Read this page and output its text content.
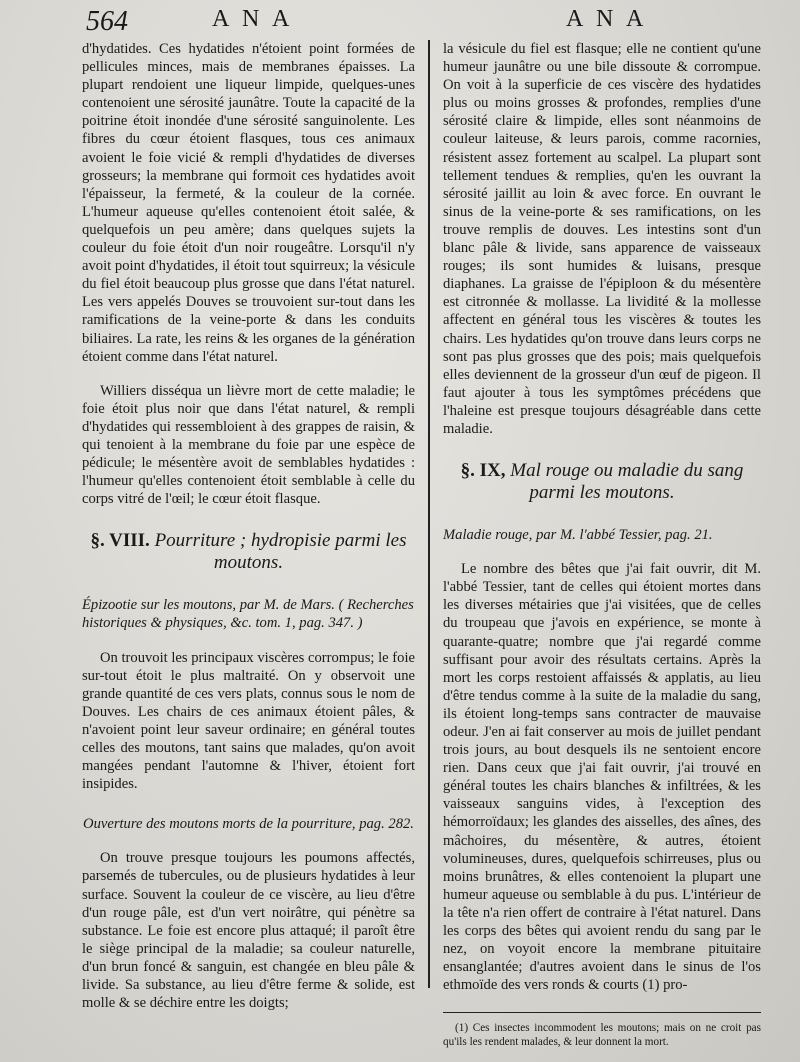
564	A N A	A N A

d'hydatides. Ces hydatides n'étoient point formées de pellicules minces, mais de membranes épaisses. La plupart rendoient une liqueur limpide, quelques-unes contenoient une sérosité jaunâtre. Toute la capacité de la poitrine étoit inondée d'une sérosité sanguinolente. Les fibres du cœur étoient flasques, tous ces animaux avoient le foie vicié & rempli d'hydatides de diverses grosseurs; la membrane qui formoit ces hydatides avoit l'épaisseur, la fermeté, & la couleur de la cornée. L'humeur aqueuse qu'elles contenoient étoit salée, & quelquefois un peu amère; dans quelques sujets la couleur du foie étoit d'un noir rougeâtre. Lorsqu'il n'y avoit point d'hydatides, il étoit tout squirreux; la vésicule du fiel étoit beaucoup plus grosse que dans l'état naturel. Les vers appelés Douves se trouvoient sur-tout dans les ramifications de la veine-porte & dans les conduits biliaires. La rate, les reins & les organes de la génération étoient comme dans l'état naturel.

Williers disséqua un lièvre mort de cette maladie; le foie étoit plus noir que dans l'état naturel, & rempli d'hydatides qui ressembloient à des grappes de raisin, & qui tenoient à la membrane du foie par une espèce de pédicule; le mésentère avoit de semblables hydatides : l'humeur qu'elles contenoient étoit semblable à celle du corps vitré de l'œil; le cœur étoit flasque.

§. VIII. Pourriture ; hydropisie parmi les moutons.

Épizootie sur les moutons, par M. de Mars. ( Recherches historiques & physiques, &c. tom. 1, pag. 347. )

On trouvoit les principaux viscères corrompus; le foie sur-tout étoit le plus maltraité. On y observoit une grande quantité de ces vers plats, connus sous le nom de Douves. Les chairs de ces animaux étoient pâles, & n'avoient point leur saveur ordinaire; en général toutes celles des moutons, tant sains que malades, qu'on avoit mangées pendant l'automne & l'hiver, étoient fort insipides.

Ouverture des moutons morts de la pourriture, pag. 282.

On trouve presque toujours les poumons affectés, parsemés de tubercules, ou de plusieurs hydatides à leur surface. Souvent la couleur de ce viscère, au lieu d'être d'un rouge pâle, est d'un vert noirâtre, qui pénètre sa substance. Le foie est encore plus attaqué; il paroît être le siège principal de la maladie; sa couleur naturelle, d'un brun foncé & sanguin, est changée en bleu pâle & livide. Sa substance, au lieu d'être ferme & solide, est molle & se déchire entre les doigts;

la vésicule du fiel est flasque; elle ne contient qu'une humeur jaunâtre ou une bile dissoute & corrompue. On voit à la superficie de ces viscère des hydatides plus ou moins grosses & profondes, remplies d'une sérosité claire & limpide, elles sont néanmoins de couleur laiteuse, & leurs parois, comme racornies, résistent assez fortement au scalpel. La plupart sont tellement tendues & remplies, qu'en les ouvrant la sérosité jaillit au loin & avec force. En ouvrant le sinus de la veine-porte & ses ramifications, on les trouve remplis de douves. Les intestins sont d'un blanc pâle & livide, sans apparence de vaisseaux rouges; ils sont humides & luisans, presque diaphanes. La graisse de l'épiploon & du mésentère est citronnée & mollasse. La lividité & la mollesse affectent en général tous les viscères & toutes les chairs. Les hydatides qu'on trouve dans leurs corps ne sont pas plus grosses que des pois; mais quelquefois elles deviennent de la grosseur d'un œuf de pigeon. Il faut ajouter à tous les symptômes précédens que l'haleine est presque toujours désagréable dans cette maladie.

§. IX, Mal rouge ou maladie du sang parmi les moutons.

Maladie rouge, par M. l'abbé Tessier, pag. 21.

Le nombre des bêtes que j'ai fait ouvrir, dit M. l'abbé Tessier, tant de celles qui étoient mortes dans les diverses métairies que j'ai visitées, que de celles du troupeau que j'avois en expérience, se monte à quarante-quatre; nombre que j'ai regardé comme suffisant pour avoir des résultats certains. Après la mort les corps restoient affaissés & applatis, au lieu d'être tendus comme à la suite de la maladie du sang, ils étoient long-temps sans contracter de mauvaise odeur. J'en ai fait conserver au mois de juillet pendant trois jours, au bout desquels ils ne sentoient encore rien. Dans ceux que j'ai fait ouvrir, j'ai trouvé en général toutes les chairs blanches & infiltrées, & les vaisseaux sanguins vides, à l'exception des hémorroïdaux; les glandes des aisselles, des aînes, des mâchoires, du mésentère, & autres, étoient volumineuses, dures, quelquefois schirreuses, plus ou moins brunâtres, & elles contenoient la plupart une humeur aqueuse ou semblable à du pus. L'intérieur de la tête n'a rien offert de contraire à l'état naturel. Dans les corps des bêtes qui avoient rendu du sang par le nez, on voyoit encore la membrane pituitaire ensanglantée; d'autres avoient dans le sinus de l'os ethmoïde des vers ronds & courts (1) pro-

(1) Ces insectes incommodent les moutons; mais on ne croit pas qu'ils les rendent malades, & leur donnent la mort.
